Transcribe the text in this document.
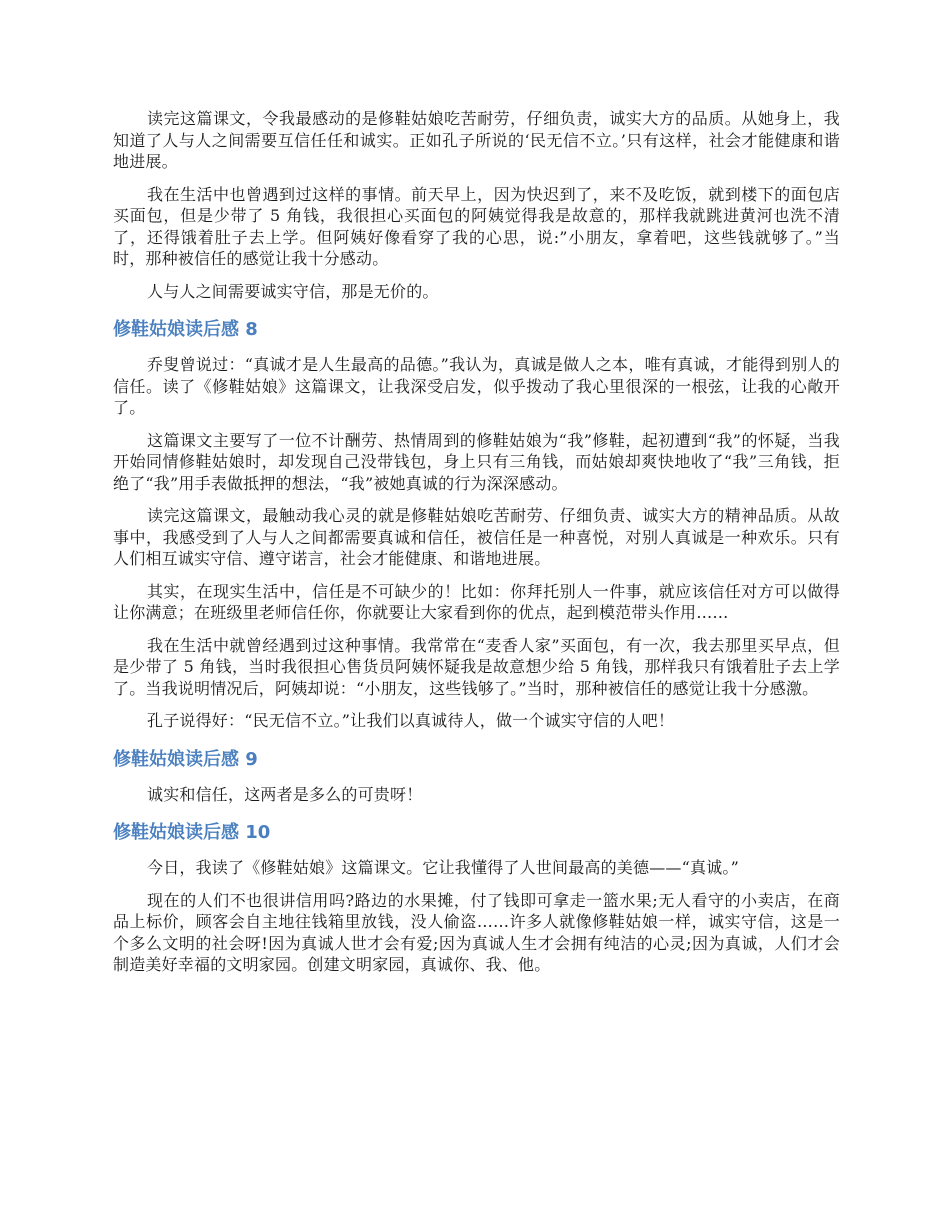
读完这篇课文，令我最感动的是修鞋姑娘吃苦耐劳，仔细负责，诚实大方的品质。从她身上，我知道了人与人之间需要互信任任和诚实。正如孔子所说的‘民无信不立。’只有这样，社会才能健康和谐地进展。

我在生活中也曾遇到过这样的事情。前天早上，因为快迟到了，来不及吃饭，就到楼下的面包店买面包，但是少带了 5 角钱，我很担心买面包的阿姨觉得我是故意的，那样我就跳进黄河也洗不清了，还得饿着肚子去上学。但阿姨好像看穿了我的心思，说:”小朋友，拿着吧，这些钱就够了。”当时，那种被信任的感觉让我十分感动。

人与人之间需要诚实守信，那是无价的。

修鞋姑娘读后感 8

乔叟曾说过：“真诚才是人生最高的品德。”我认为，真诚是做人之本，唯有真诚，才能得到别人的信任。读了《修鞋姑娘》这篇课文，让我深受启发，似乎拨动了我心里很深的一根弦，让我的心敞开了。

这篇课文主要写了一位不计酬劳、热情周到的修鞋姑娘为“我”修鞋，起初遭到“我”的怀疑，当我开始同情修鞋姑娘时，却发现自己没带钱包，身上只有三角钱，而姑娘却爽快地收了“我”三角钱，拒绝了“我”用手表做抵押的想法，“我”被她真诚的行为深深感动。

读完这篇课文，最触动我心灵的就是修鞋姑娘吃苦耐劳、仔细负责、诚实大方的精神品质。从故事中，我感受到了人与人之间都需要真诚和信任，被信任是一种喜悦，对别人真诚是一种欢乐。只有人们相互诚实守信、遵守诺言，社会才能健康、和谐地进展。

其实，在现实生活中，信任是不可缺少的！比如：你拜托别人一件事，就应该信任对方可以做得让你满意；在班级里老师信任你，你就要让大家看到你的优点，起到模范带头作用……

我在生活中就曾经遇到过这种事情。我常常在“麦香人家”买面包，有一次，我去那里买早点，但是少带了 5 角钱，当时我很担心售货员阿姨怀疑我是故意想少给 5 角钱，那样我只有饿着肚子去上学了。当我说明情况后，阿姨却说：“小朋友，这些钱够了。”当时，那种被信任的感觉让我十分感激。

孔子说得好：“民无信不立。”让我们以真诚待人，做一个诚实守信的人吧！

修鞋姑娘读后感 9

诚实和信任，这两者是多么的可贵呀！

修鞋姑娘读后感 10

今日，我读了《修鞋姑娘》这篇课文。它让我懂得了人世间最高的美德——“真诚。”

现在的人们不也很讲信用吗?路边的水果摊，付了钱即可拿走一篮水果;无人看守的小卖店，在商品上标价，顾客会自主地往钱箱里放钱，没人偷盗……许多人就像修鞋姑娘一样，诚实守信，这是一个多么文明的社会呀!因为真诚人世才会有爱;因为真诚人生才会拥有纯洁的心灵;因为真诚，人们才会制造美好幸福的文明家园。创建文明家园，真诚你、我、他。
